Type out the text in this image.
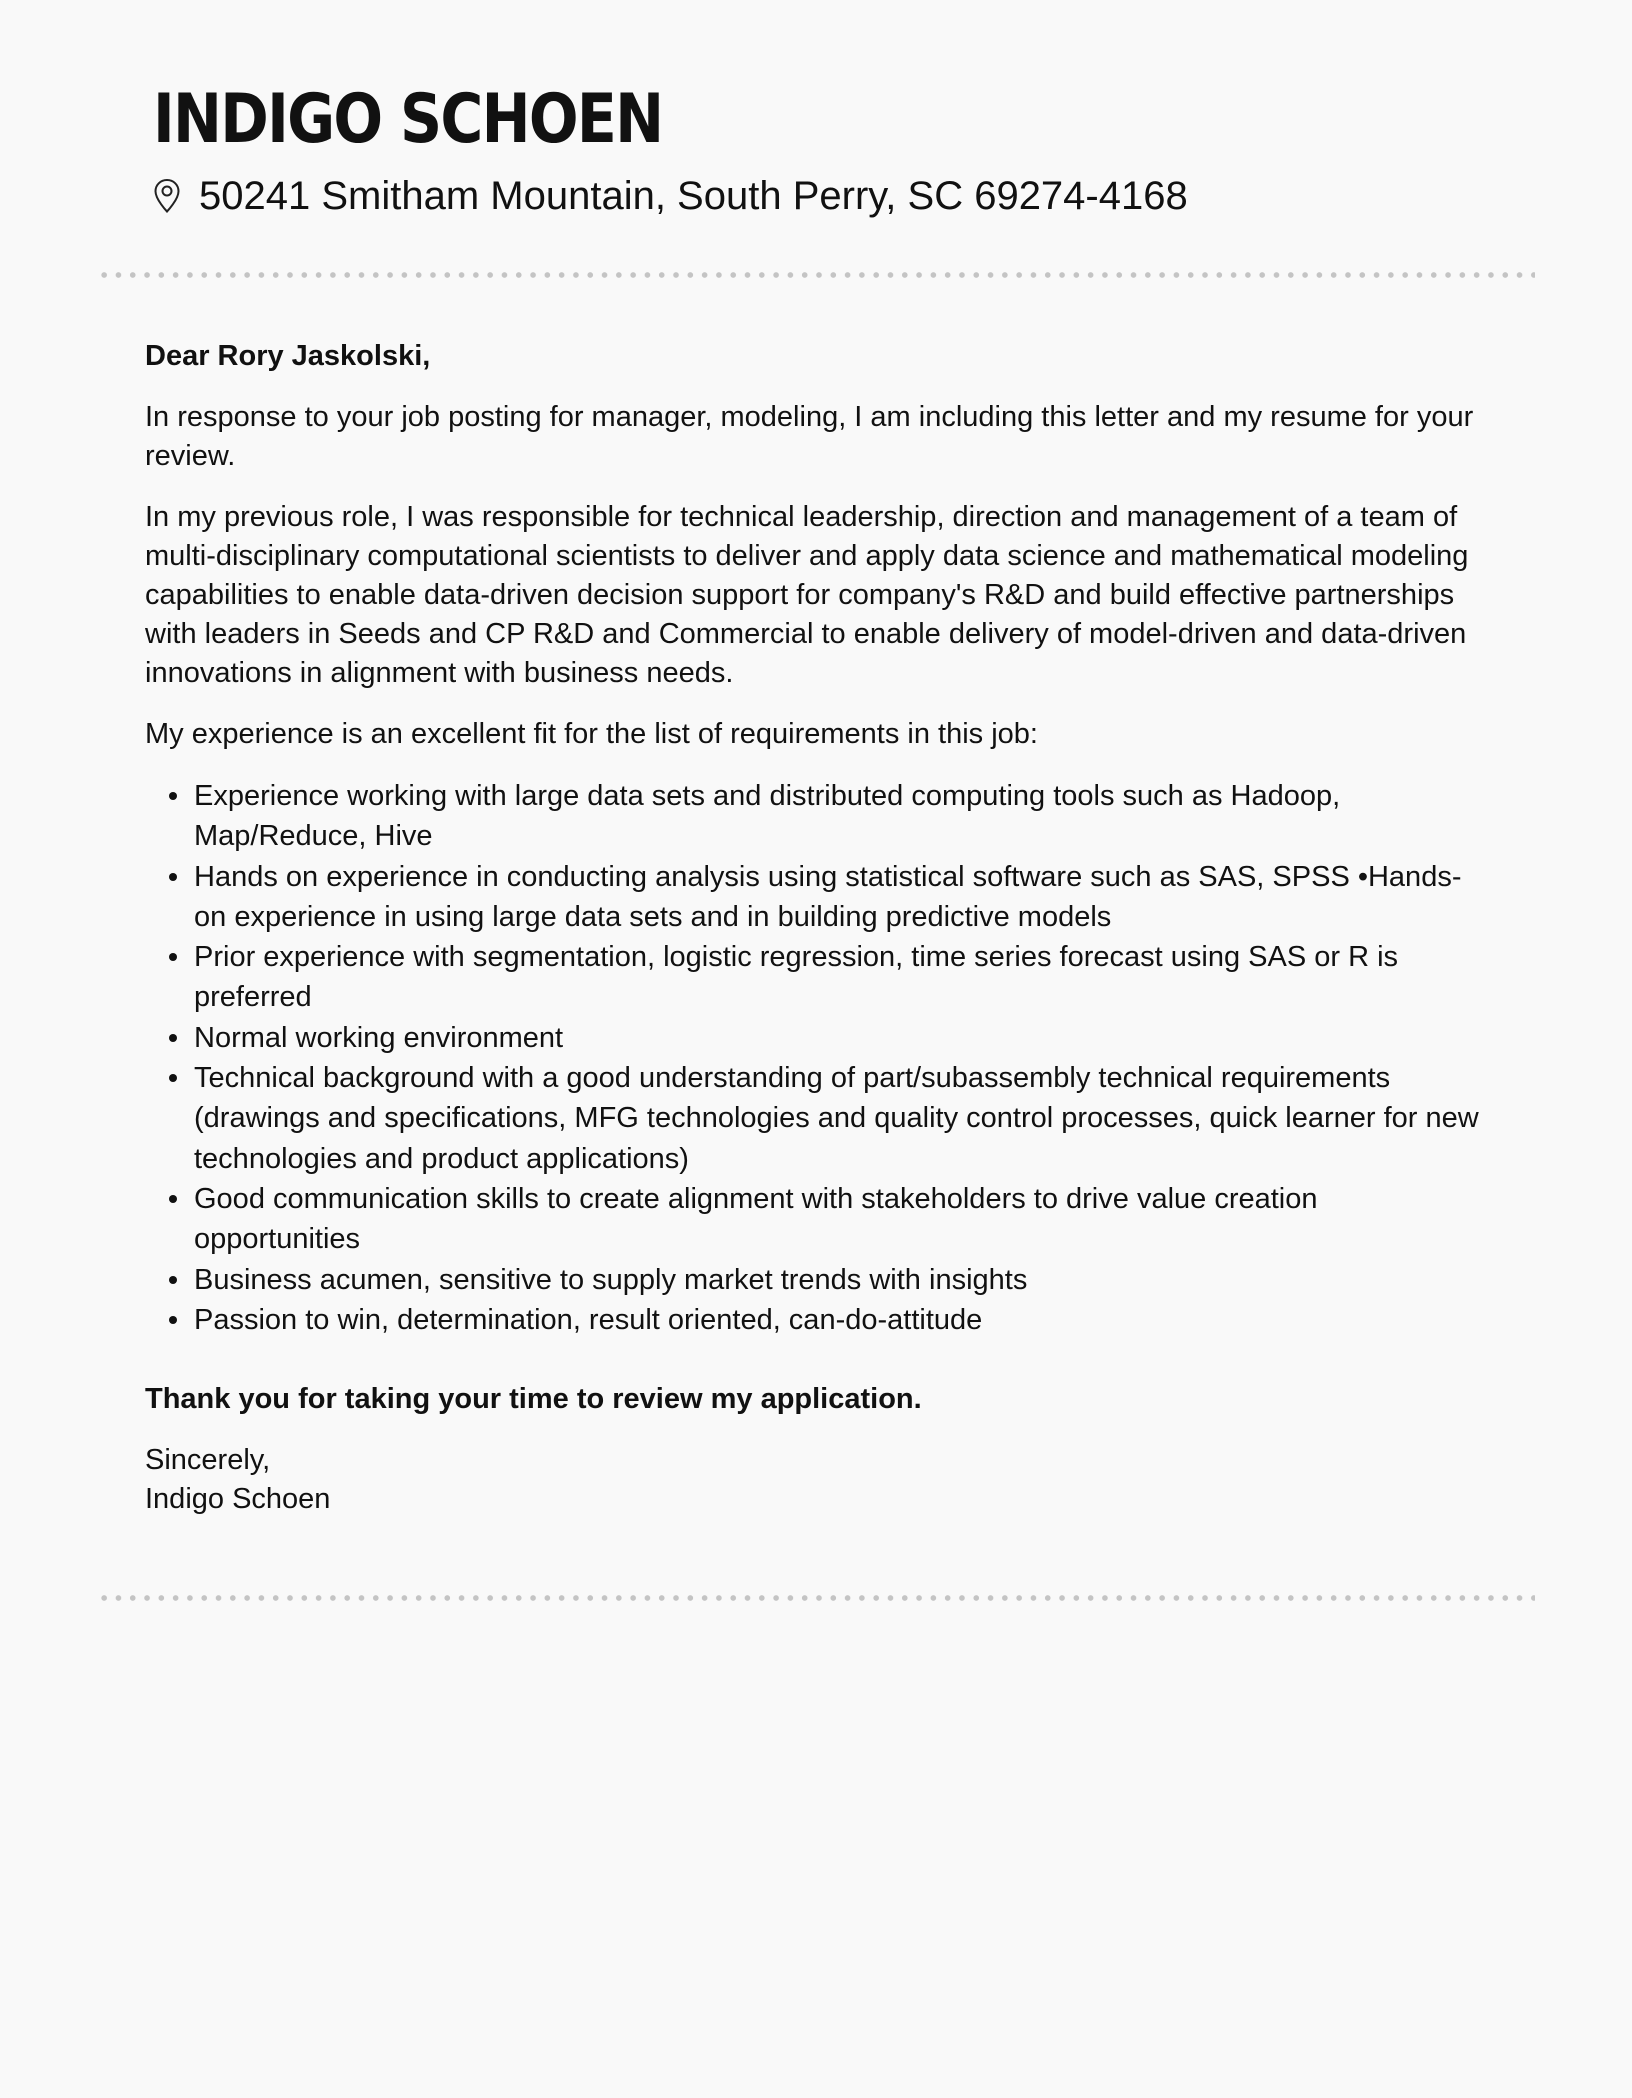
INDIGO SCHOEN
50241 Smitham Mountain, South Perry, SC 69274-4168

Dear Rory Jaskolski,

In response to your job posting for manager, modeling, I am including this letter and my resume for your review.

In my previous role, I was responsible for technical leadership, direction and management of a team of multi-disciplinary computational scientists to deliver and apply data science and mathematical modeling capabilities to enable data-driven decision support for company's R&D and build effective partnerships with leaders in Seeds and CP R&D and Commercial to enable delivery of model-driven and data-driven innovations in alignment with business needs.

My experience is an excellent fit for the list of requirements in this job:

Experience working with large data sets and distributed computing tools such as Hadoop, Map/Reduce, Hive
Hands on experience in conducting analysis using statistical software such as SAS, SPSS •Hands-on experience in using large data sets and in building predictive models
Prior experience with segmentation, logistic regression, time series forecast using SAS or R is preferred
Normal working environment
Technical background with a good understanding of part/subassembly technical requirements (drawings and specifications, MFG technologies and quality control processes, quick learner for new technologies and product applications)
Good communication skills to create alignment with stakeholders to drive value creation opportunities
Business acumen, sensitive to supply market trends with insights
Passion to win, determination, result oriented, can-do-attitude

Thank you for taking your time to review my application.

Sincerely,
Indigo Schoen
